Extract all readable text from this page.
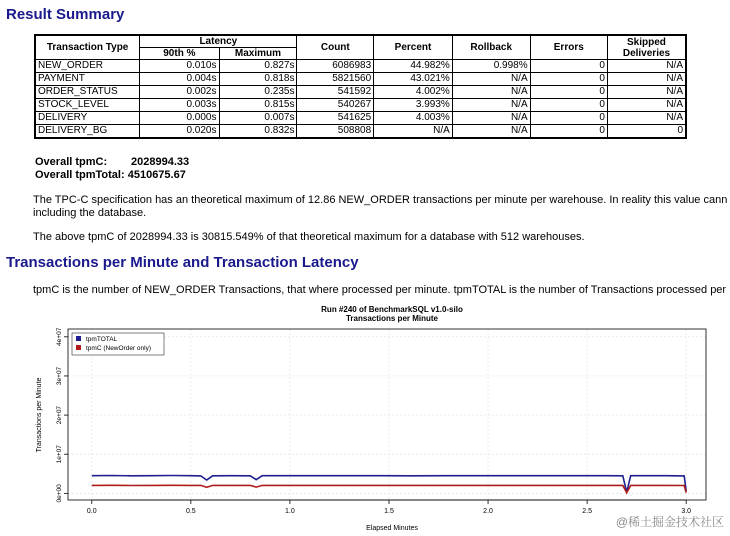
Result Summary
Transaction Type	Latency		Count	Percent	Rollback	Errors	Skipped Deliveries
	90th %	Maximum					
NEW_ORDER	0.010s	0.827s	6086983	44.982%	0.998%	0	N/A
PAYMENT	0.004s	0.818s	5821560	43.021%	N/A	0	N/A
ORDER_STATUS	0.002s	0.235s	541592	4.002%	N/A	0	N/A
STOCK_LEVEL	0.003s	0.815s	540267	3.993%	N/A	0	N/A
DELIVERY	0.000s	0.007s	541625	4.003%	N/A	0	N/A
DELIVERY_BG	0.020s	0.832s	508808	N/A	N/A	0	0
Overall tpmC: 2028994.33
Overall tpmTotal: 4510675.67
The TPC-C specification has an theoretical maximum of 12.86 NEW_ORDER transactions per minute per warehouse. In reality this value cann
including the database.
The above tpmC of 2028994.33 is 30815.549% of that theoretical maximum for a database with 512 warehouses.
Transactions per Minute and Transaction Latency
tpmC is the number of NEW_ORDER Transactions, that where processed per minute. tpmTOTAL is the number of Transactions processed per
Run #240 of BenchmarkSQL v1.0-silo
Transactions per Minute
0.0	0.5	1.0	1.5	2.0	2.5	3.0
0e+00
1e+07
2e+07
3e+07
4e+07	tpmTOTAL
tpmC (NewOrder only)
Elapsed Minutes
Transactions per Minute
@稀土掘金技术社区
